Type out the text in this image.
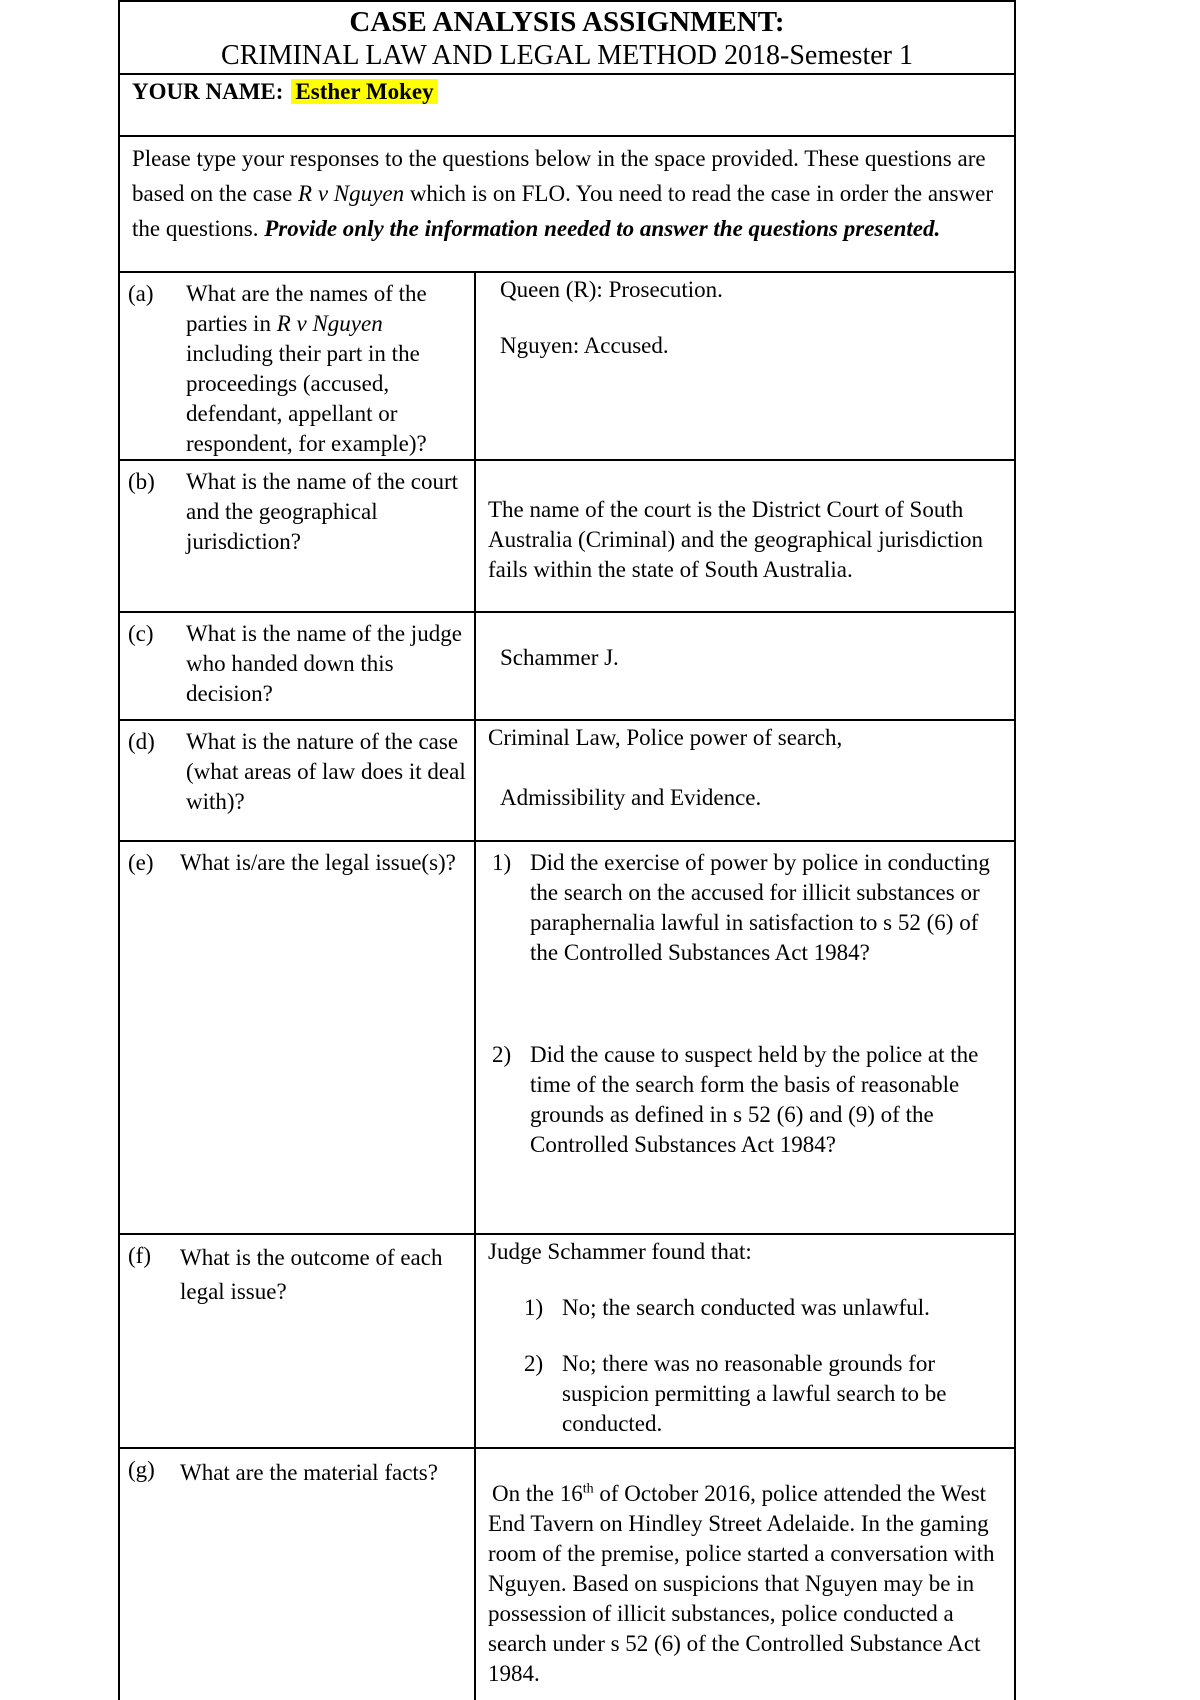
CASE ANALYSIS ASSIGNMENT:
CRIMINAL LAW AND LEGAL METHOD 2018-Semester 1
YOUR NAME: Esther Mokey
Please type your responses to the questions below in the space provided. These questions are based on the case R v Nguyen which is on FLO. You need to read the case in order the answer the questions. Provide only the information needed to answer the questions presented.
(a)	What are the names of the parties in R v Nguyen including their part in the proceedings (accused, defendant, appellant or respondent, for example)?

Queen (R): Prosecution.

Nguyen: Accused.

(b)	What is the name of the court and the geographical jurisdiction?

The name of the court is the District Court of South Australia (Criminal) and the geographical jurisdiction fails within the state of South Australia.

(c)	What is the name of the judge who handed down this decision?

Schammer J.

(d)	What is the nature of the case (what areas of law does it deal with)?

Criminal Law, Police power of search,

Admissibility and Evidence.

(e)	What is/are the legal issue(s)?	1) Did the exercise of power by police in conducting the search on the accused for illicit substances or paraphernalia lawful in satisfaction to s 52 (6) of the Controlled Substances Act 1984?
2) Did the cause to suspect held by the police at the time of the search form the basis of reasonable grounds as defined in s 52 (6) and (9) of the Controlled Substances Act 1984?
(f)	What is the outcome of each legal issue?

Judge Schammer found that:

1) No; the search conducted was unlawful.
2) No; there was no reasonable grounds for suspicion permitting a lawful search to be conducted.
(g)	What are the material facts?

On the 16th of October 2016, police attended the West End Tavern on Hindley Street Adelaide. In the gaming room of the premise, police started a conversation with Nguyen. Based on suspicions that Nguyen may be in possession of illicit substances, police conducted a search under s 52 (6) of the Controlled Substance Act 1984.
